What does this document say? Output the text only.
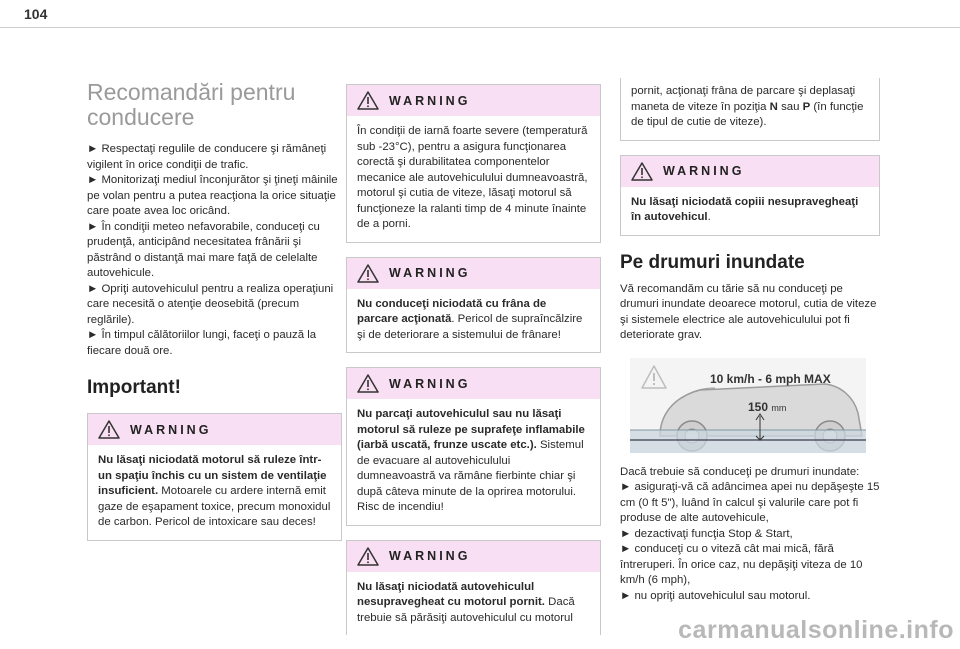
104
Recomandări pentru conducere

► Respectaţi regulile de conducere şi rămâneţi vigilent în orice condiţii de trafic.

► Monitorizaţi mediul înconjurător şi ţineţi mâinile pe volan pentru a putea reacţiona la orice situaţie care poate avea loc oricând.

► În condiţii meteo nefavorabile, conduceţi cu prudenţă, anticipând necesitatea frânării şi păstrând o distanţă mai mare faţă de celelalte autovehicule.

► Opriţi autovehiculul pentru a realiza operaţiuni care necesită o atenţie deosebită (precum reglările).

► În timpul călătoriilor lungi, faceţi o pauză la fiecare două ore.

Important!
WARNING
Nu lăsaţi niciodată motorul să ruleze într-un spaţiu închis cu un sistem de ventilaţie insuficient. Motoarele cu ardere internă emit gaze de eşapament toxice, precum monoxidul de carbon. Pericol de intoxicare sau deces!
WARNING
În condiţii de iarnă foarte severe (temperatură sub -23°C), pentru a asigura funcţionarea corectă şi durabilitatea componentelor mecanice ale autovehiculului dumneavoastră, motorul şi cutia de viteze, lăsaţi motorul să funcţioneze la ralanti timp de 4 minute înainte de a porni.
WARNING
Nu conduceţi niciodată cu frâna de parcare acţionată. Pericol de supraîncălzire şi de deteriorare a sistemului de frânare!
WARNING
Nu parcaţi autovehiculul sau nu lăsaţi motorul să ruleze pe suprafeţe inflamabile (iarbă uscată, frunze uscate etc.). Sistemul de evacuare al autovehiculului dumneavoastră va rămâne fierbinte chiar şi după câteva minute de la oprirea motorului. Risc de incendiu!
WARNING
Nu lăsaţi niciodată autovehiculul nesupravegheat cu motorul pornit. Dacă trebuie să părăsiţi autovehiculul cu motorul
pornit, acţionaţi frâna de parcare şi deplasaţi maneta de viteze în poziţia N sau P (în funcţie de tipul de cutie de viteze).
WARNING
Nu lăsaţi niciodată copiii nesupravegheaţi în autovehicul.
Pe drumuri inundate

Vă recomandăm cu tărie să nu conduceţi pe drumuri inundate deoarece motorul, cutia de viteze şi sistemele electrice ale autovehiculului pot fi deteriorate grav.

10 km/h - 6 mph MAX
150 mm

Dacă trebuie să conduceţi pe drumuri inundate:

► asiguraţi-vă că adâncimea apei nu depăşeşte 15 cm (0 ft 5"), luând în calcul şi valurile care pot fi produse de alte autovehicule,

► dezactivaţi funcţia Stop & Start,

► conduceţi cu o viteză cât mai mică, fără întreruperi. În orice caz, nu depăşiţi viteza de 10 km/h (6 mph),

► nu opriţi autovehiculul sau motorul.

carmanualsonline.info
